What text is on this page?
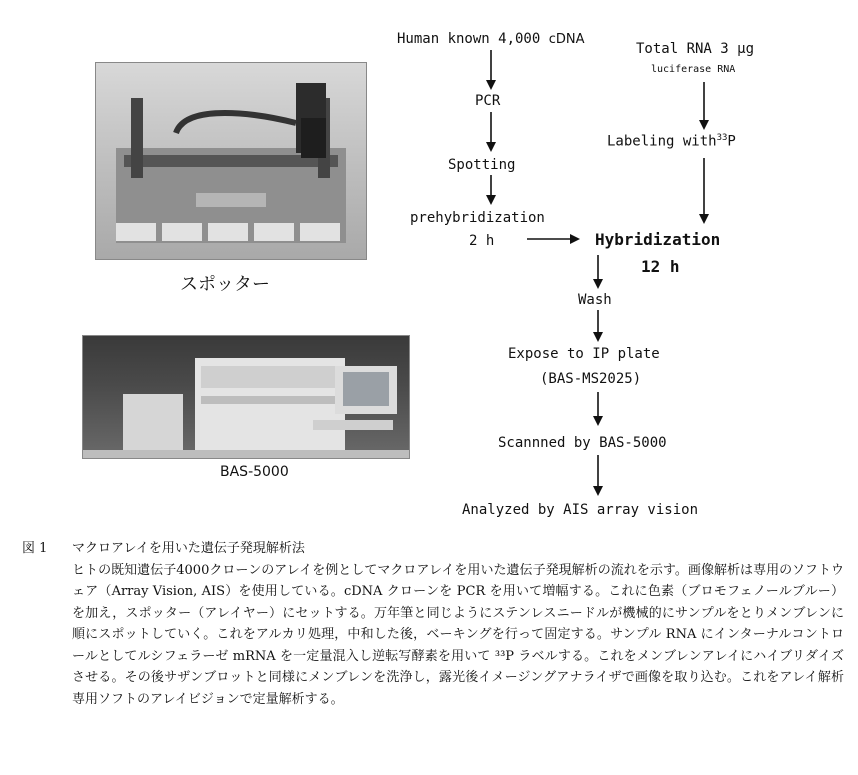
スポッター
BAS-5000
Human known 4,000 cDNA
PCR
Spotting
prehybridization
2 h
Total RNA 3 μg
luciferase RNA
Labeling with$^{33}$P
Hybridization
12 h
Wash
Expose to IP plate
(BAS-MS2025)
Scannned by BAS-5000
Analyzed by AIS array vision
図 1	マクロアレイを用いた遺伝子発現解析法
ヒトの既知遺伝子4000クローンのアレイを例としてマクロアレイを用いた遺伝子発現解析の流れを示す。画像解析は専用のソフトウェア（Array Vision, AIS）を使用している。cDNA クローンを PCR を用いて増幅する。これに色素（ブロモフェノールブルー）を加え，スポッター（アレイヤー）にセットする。万年筆と同じようにステンレスニードルが機械的にサンプルをとりメンブレンに順にスポットしていく。これをアルカリ処理，中和した後，ベーキングを行って固定する。サンプル RNA にインターナルコントロールとしてルシフェラーゼ mRNA を一定量混入し逆転写酵素を用いて ³³P ラベルする。これをメンブレンアレイにハイブリダイズさせる。その後サザンブロットと同様にメンブレンを洗浄し，露光後イメージングアナライザで画像を取り込む。これをアレイ解析専用ソフトのアレイビジョンで定量解析する。
